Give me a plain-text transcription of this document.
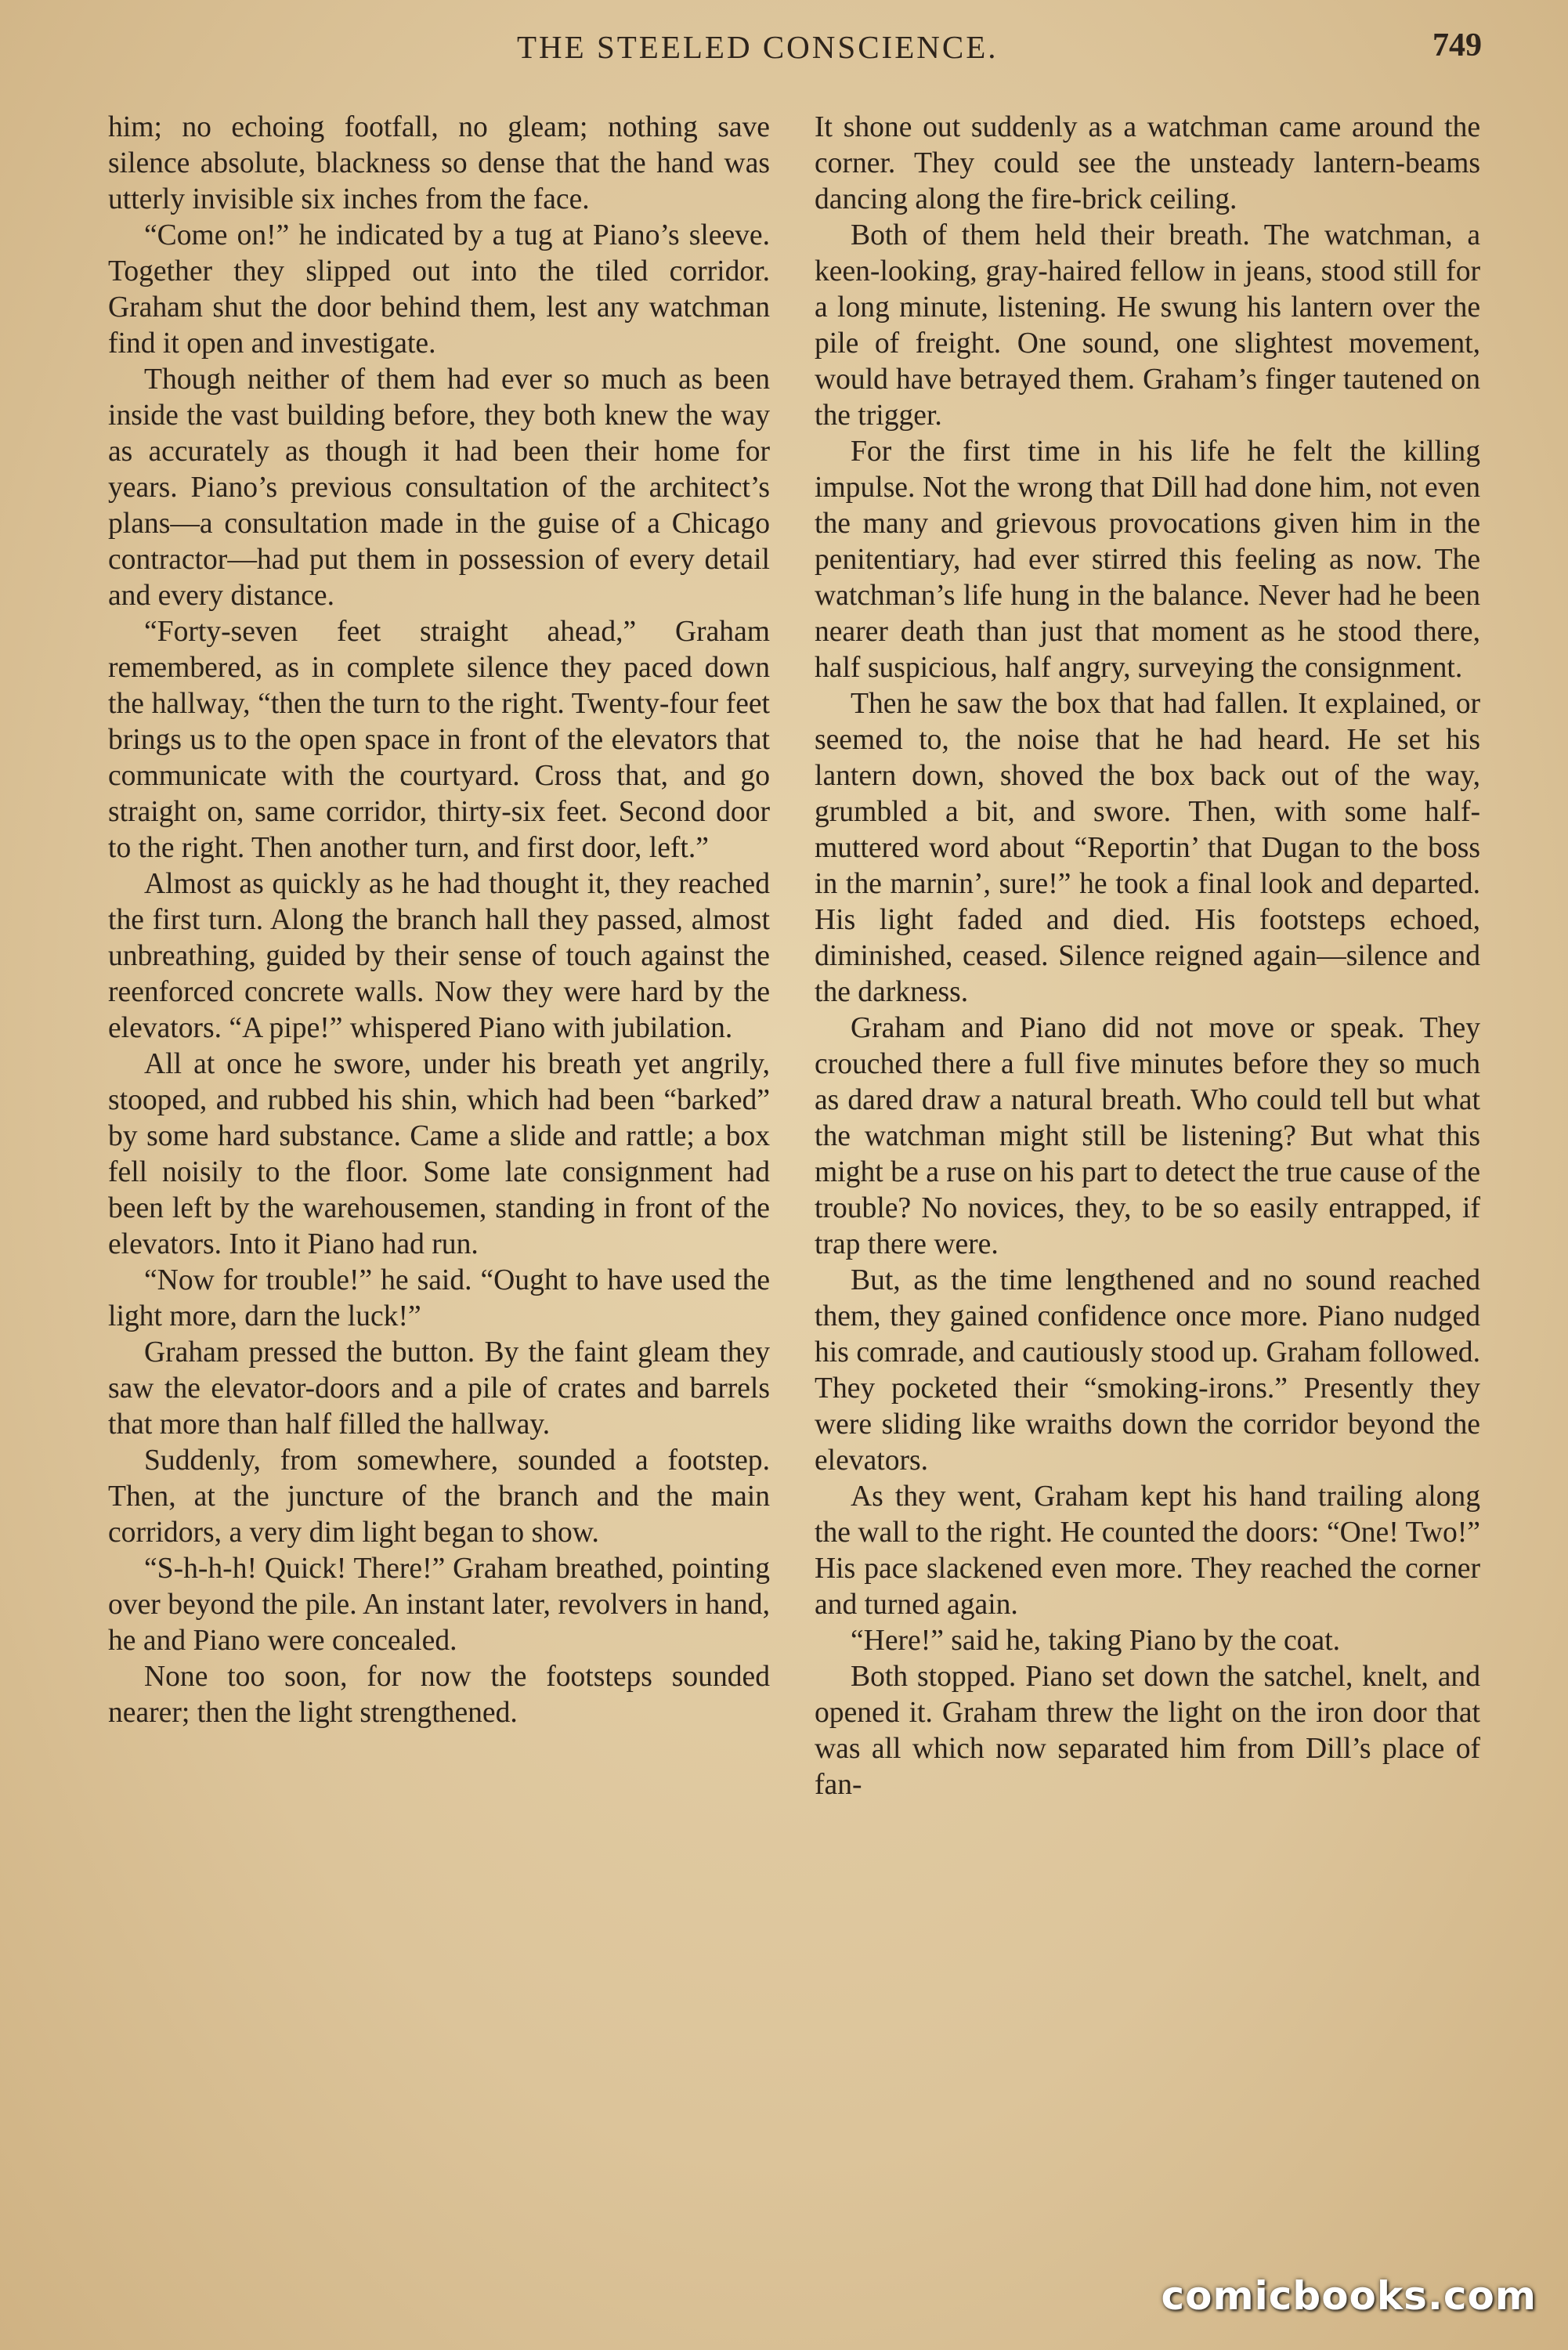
THE STEELED CONSCIENCE.	749

him; no echoing footfall, no gleam; nothing save silence absolute, blackness so dense that the hand was utterly invisible six inches from the face.

“Come on!” he indicated by a tug at Piano’s sleeve. Together they slipped out into the tiled corridor. Graham shut the door behind them, lest any watchman find it open and investigate.

Though neither of them had ever so much as been inside the vast building before, they both knew the way as accurately as though it had been their home for years. Piano’s previous consultation of the architect’s plans—a consultation made in the guise of a Chicago contractor—had put them in possession of every detail and every distance.

“Forty-seven feet straight ahead,” Graham remembered, as in complete silence they paced down the hallway, “then the turn to the right. Twenty-four feet brings us to the open space in front of the elevators that communicate with the courtyard. Cross that, and go straight on, same corridor, thirty-six feet. Second door to the right. Then another turn, and first door, left.”

Almost as quickly as he had thought it, they reached the first turn. Along the branch hall they passed, almost unbreathing, guided by their sense of touch against the reenforced concrete walls. Now they were hard by the elevators. “A pipe!” whispered Piano with jubilation.

All at once he swore, under his breath yet angrily, stooped, and rubbed his shin, which had been “barked” by some hard substance. Came a slide and rattle; a box fell noisily to the floor. Some late consignment had been left by the warehousemen, standing in front of the elevators. Into it Piano had run.

“Now for trouble!” he said. “Ought to have used the light more, darn the luck!”

Graham pressed the button. By the faint gleam they saw the elevator-doors and a pile of crates and barrels that more than half filled the hallway.

Suddenly, from somewhere, sounded a footstep. Then, at the juncture of the branch and the main corridors, a very dim light began to show.

“S-h-h-h! Quick! There!” Graham breathed, pointing over beyond the pile. An instant later, revolvers in hand, he and Piano were concealed.

None too soon, for now the footsteps sounded nearer; then the light strengthened.

It shone out suddenly as a watchman came around the corner. They could see the unsteady lantern-beams dancing along the fire-brick ceiling.

Both of them held their breath. The watchman, a keen-looking, gray-haired fellow in jeans, stood still for a long minute, listening. He swung his lantern over the pile of freight. One sound, one slightest movement, would have betrayed them. Graham’s finger tautened on the trigger.

For the first time in his life he felt the killing impulse. Not the wrong that Dill had done him, not even the many and grievous provocations given him in the penitentiary, had ever stirred this feeling as now. The watchman’s life hung in the balance. Never had he been nearer death than just that moment as he stood there, half suspicious, half angry, surveying the consignment.

Then he saw the box that had fallen. It explained, or seemed to, the noise that he had heard. He set his lantern down, shoved the box back out of the way, grumbled a bit, and swore. Then, with some half-muttered word about “Reportin’ that Dugan to the boss in the marnin’, sure!” he took a final look and departed. His light faded and died. His footsteps echoed, diminished, ceased. Silence reigned again—silence and the darkness.

Graham and Piano did not move or speak. They crouched there a full five minutes before they so much as dared draw a natural breath. Who could tell but what the watchman might still be listening? But what this might be a ruse on his part to detect the true cause of the trouble? No novices, they, to be so easily entrapped, if trap there were.

But, as the time lengthened and no sound reached them, they gained confidence once more. Piano nudged his comrade, and cautiously stood up. Graham followed. They pocketed their “smoking-irons.” Presently they were sliding like wraiths down the corridor beyond the elevators.

As they went, Graham kept his hand trailing along the wall to the right. He counted the doors: “One! Two!” His pace slackened even more. They reached the corner and turned again.

“Here!” said he, taking Piano by the coat.

Both stopped. Piano set down the satchel, knelt, and opened it. Graham threw the light on the iron door that was all which now separated him from Dill’s place of fan-

comicbooks.com
